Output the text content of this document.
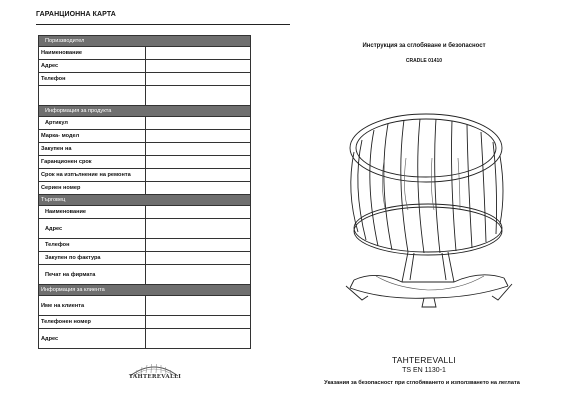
ГАРАНЦИОННА КАРТА
Пориззводител	
Наименование	
Адрес	
Телефон	

Информация за продукта	
Артикул	
Марка- модел	
Закупен на	
Гаранционен срок	
Срок на изпълнение на ремонта	
Сериен номер	
Търговец	
Наименование	
Адрес	
Телефон	
Закупен по фактура	
Печат на фирмата	
Информация за клиента	
Име на клиента	
Телефонен номер	
Адрес	
TAHTEREVALLI
Инструкция за сглобяване и безопасност
CRADLE 01410
TAHTEREVALLI
TS EN 1130-1
Указания за безопасност при сглобяването и използването на леглата
